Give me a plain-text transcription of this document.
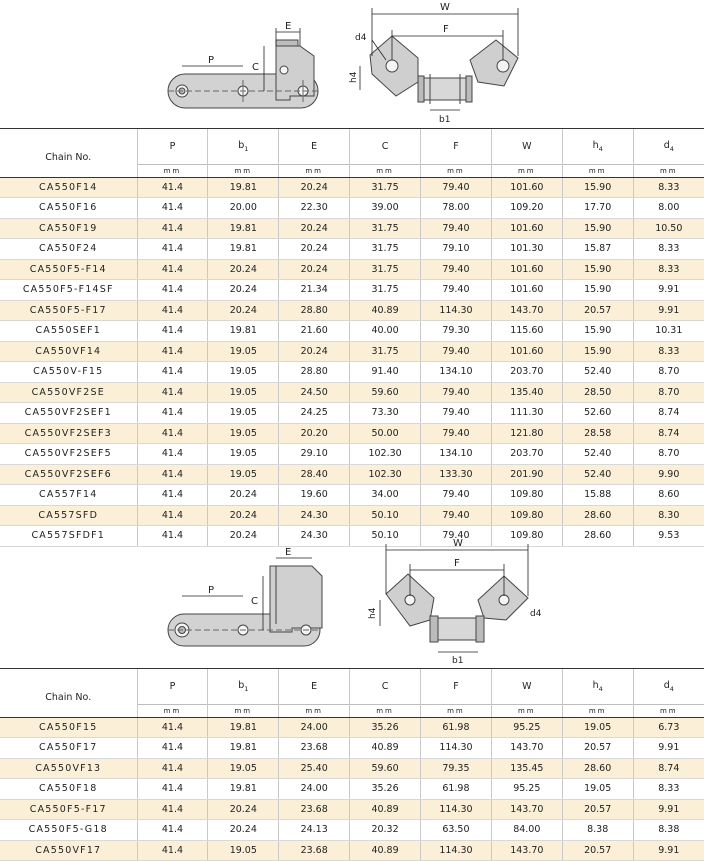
P
E
C
W
F
d4
h4
b1
Chain No.	P	$b_1$	E	C	F	W	$h_4$	$d_4$
	mm	mm	mm	mm	mm	mm	mm	mm
CA550F14	41.4	19.81	20.24	31.75	79.40	101.60	15.90	8.33
CA550F16	41.4	20.00	22.30	39.00	78.00	109.20	17.70	8.00
CA550F19	41.4	19.81	20.24	31.75	79.40	101.60	15.90	10.50
CA550F24	41.4	19.81	20.24	31.75	79.10	101.30	15.87	8.33
CA550F5-F14	41.4	20.24	20.24	31.75	79.40	101.60	15.90	8.33
CA550F5-F14SF	41.4	20.24	21.34	31.75	79.40	101.60	15.90	9.91
CA550F5-F17	41.4	20.24	28.80	40.89	114.30	143.70	20.57	9.91
CA550SEF1	41.4	19.81	21.60	40.00	79.30	115.60	15.90	10.31
CA550VF14	41.4	19.05	20.24	31.75	79.40	101.60	15.90	8.33
CA550V-F15	41.4	19.05	28.80	91.40	134.10	203.70	52.40	8.70
CA550VF2SE	41.4	19.05	24.50	59.60	79.40	135.40	28.50	8.70
CA550VF2SEF1	41.4	19.05	24.25	73.30	79.40	111.30	52.60	8.74
CA550VF2SEF3	41.4	19.05	20.20	50.00	79.40	121.80	28.58	8.74
CA550VF2SEF5	41.4	19.05	29.10	102.30	134.10	203.70	52.40	8.70
CA550VF2SEF6	41.4	19.05	28.40	102.30	133.30	201.90	52.40	9.90
CA557F14	41.4	20.24	19.60	34.00	79.40	109.80	15.88	8.60
CA557SFD	41.4	20.24	24.30	50.10	79.40	109.80	28.60	8.30
CA557SFDF1	41.4	20.24	24.30	50.10	79.40	109.80	28.60	9.53
P
E
C
W
F
d4
h4
b1
Chain No.	P	$b_1$	E	C	F	W	$h_4$	$d_4$
	mm	mm	mm	mm	mm	mm	mm	mm
CA550F15	41.4	19.81	24.00	35.26	61.98	95.25	19.05	6.73
CA550F17	41.4	19.81	23.68	40.89	114.30	143.70	20.57	9.91
CA550VF13	41.4	19.05	25.40	59.60	79.35	135.45	28.60	8.74
CA550F18	41.4	19.81	24.00	35.26	61.98	95.25	19.05	8.33
CA550F5-F17	41.4	20.24	23.68	40.89	114.30	143.70	20.57	9.91
CA550F5-G18	41.4	20.24	24.13	20.32	63.50	84.00	8.38	8.38
CA550VF17	41.4	19.05	23.68	40.89	114.30	143.70	20.57	9.91
